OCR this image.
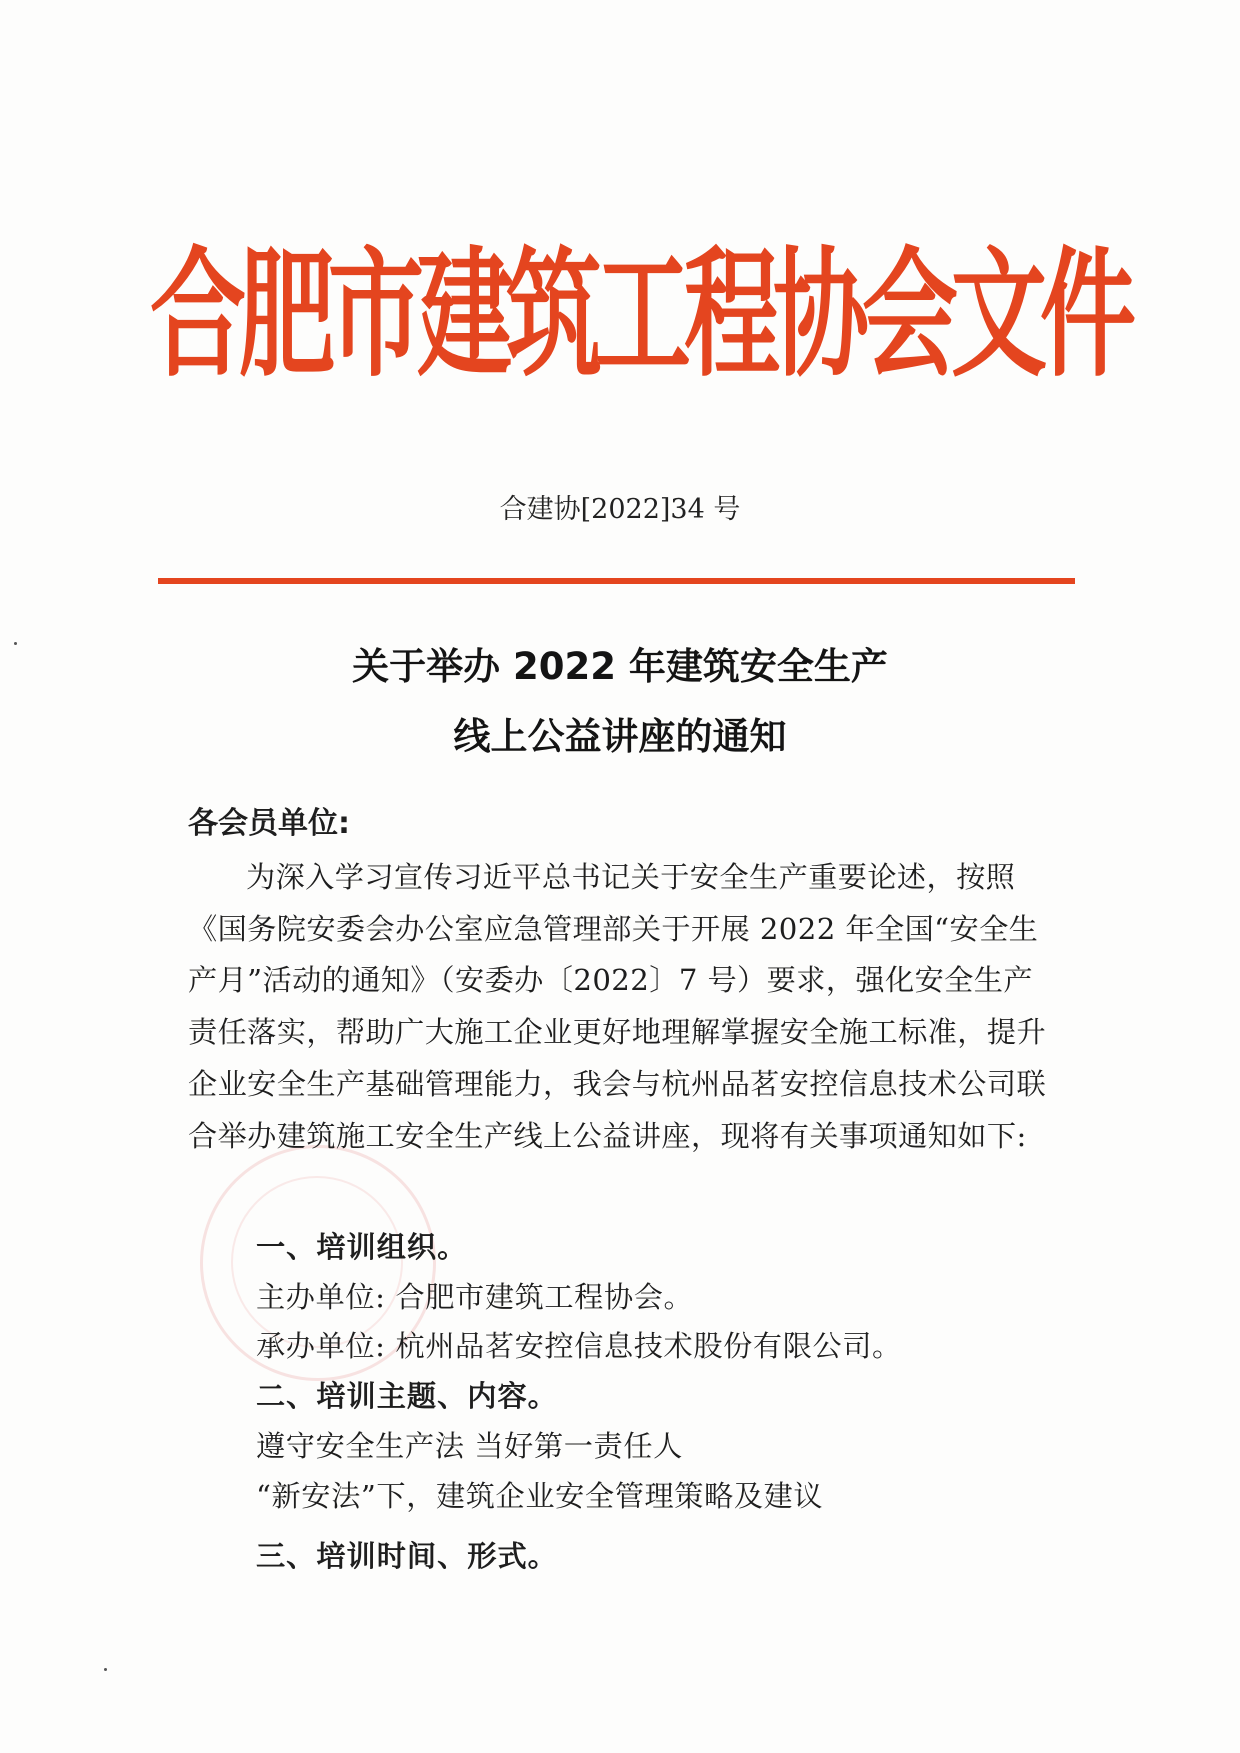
合肥市建筑工程协会文件
合建协[2022]34 号
关于举办 2022 年建筑安全生产
线上公益讲座的通知
各会员单位:

为深入学习宣传习近平总书记关于安全生产重要论述，按照《国务院安委会办公室应急管理部关于开展 2022 年全国“安全生产月”活动的通知》（安委办〔2022〕7 号）要求，强化安全生产责任落实，帮助广大施工企业更好地理解掌握安全施工标准，提升企业安全生产基础管理能力，我会与杭州品茗安控信息技术公司联合举办建筑施工安全生产线上公益讲座，现将有关事项通知如下:

一、培训组织。
主办单位: 合肥市建筑工程协会。
承办单位: 杭州品茗安控信息技术股份有限公司。
二、培训主题、内容。
遵守安全生产法 当好第一责任人
“新安法”下，建筑企业安全管理策略及建议
三、培训时间、形式。
